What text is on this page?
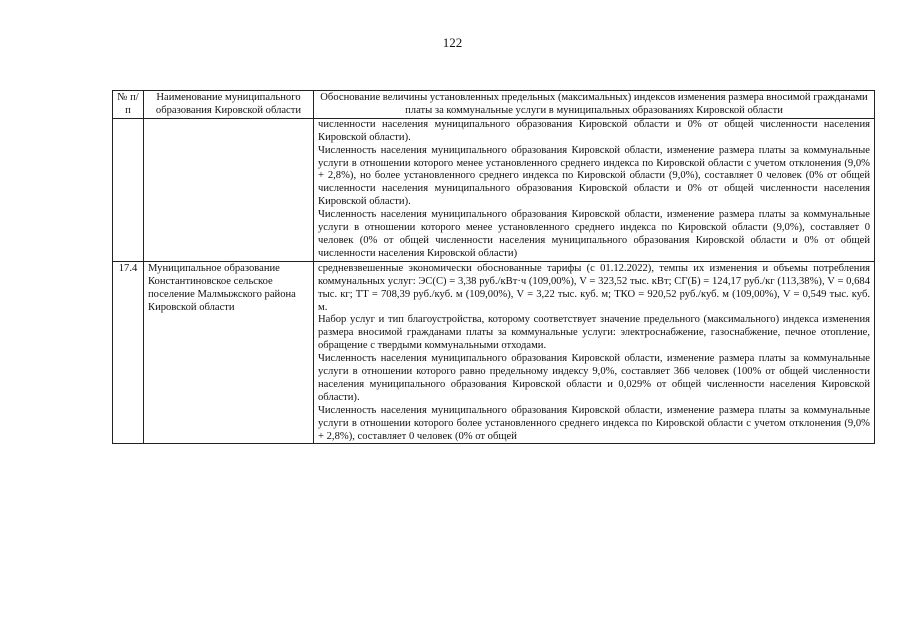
122
№ п/п	Наименование муниципального образования Кировской области	Обоснование величины установленных предельных (максимальных) индексов изменения размера вносимой гражданами платы за коммунальные услуги в муниципальных образованиях Кировской области

		численности населения муниципального образования Кировской области и 0% от общей численности населения Кировской области).

Численность населения муниципального образования Кировской области, изменение размера платы за коммунальные услуги в отношении которого менее установленного среднего индекса по Кировской области с учетом отклонения (9,0% + 2,8%), но более установленного среднего индекса по Кировской области (9,0%), составляет 0 человек (0% от общей численности населения муниципального образования Кировской области и 0% от общей численности населения Кировской области).

Численность населения муниципального образования Кировской области, изменение размера платы за коммунальные услуги в отношении которого менее установленного среднего индекса по Кировской области (9,0%), составляет 0 человек (0% от общей численности населения муниципального образования Кировской области и 0% от общей численности населения Кировской области)

17.4	Муниципальное образование Константиновское сельское поселение Малмыжского района Кировской области	средневзвешенные экономически обоснованные тарифы (с 01.12.2022), темпы их изменения и объемы потребления коммунальных услуг: ЭС(С) = 3,38 руб./кВт·ч (109,00%), V = 323,52 тыс. кВт; СГ(Б) = 124,17 руб./кг (113,38%), V = 0,684 тыс. кг; ТТ = 708,39 руб./куб. м (109,00%), V = 3,22 тыс. куб. м; ТКО = 920,52 руб./куб. м (109,00%), V = 0,549 тыс. куб. м.

Набор услуг и тип благоустройства, которому соответствует значение предельного (максимального) индекса изменения размера вносимой гражданами платы за коммунальные услуги: электроснабжение, газоснабжение, печное отопление, обращение с твердыми коммунальными отходами.

Численность населения муниципального образования Кировской области, изменение размера платы за коммунальные услуги в отношении которого равно предельному индексу 9,0%, составляет 366 человек (100% от общей численности населения муниципального образования Кировской области и 0,029% от общей численности населения Кировской области).

Численность населения муниципального образования Кировской области, изменение размера платы за коммунальные услуги в отношении которого более установленного среднего индекса по Кировской области с учетом отклонения (9,0% + 2,8%), составляет 0 человек (0% от общей
